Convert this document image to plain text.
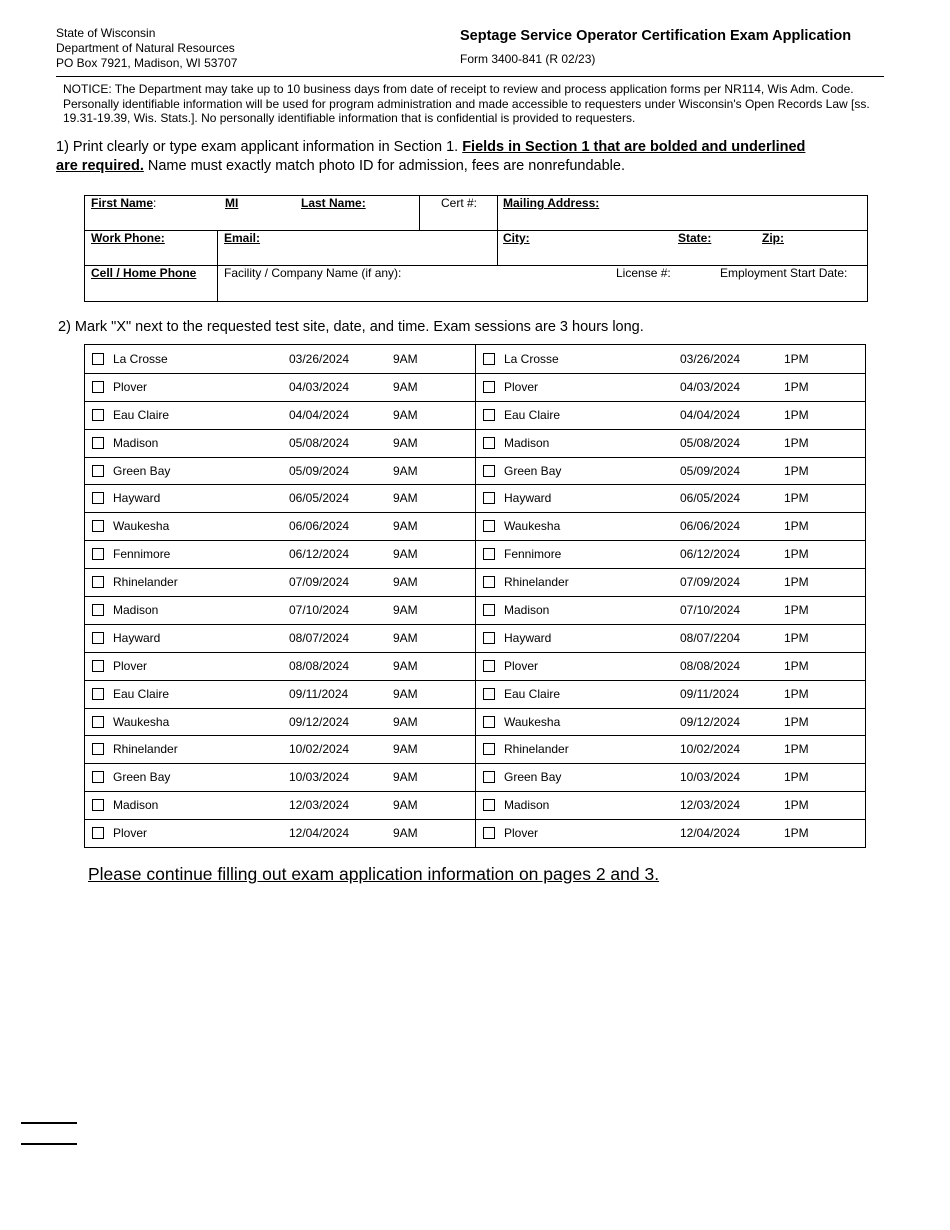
State of Wisconsin
Department of Natural Resources
PO Box 7921, Madison, WI 53707
Septage Service Operator Certification Exam Application
Form 3400-841 (R 02/23)
NOTICE: The Department may take up to 10 business days from date of receipt to review and process application forms per NR114, Wis Adm. Code. Personally identifiable information will be used for program administration and made accessible to requesters under Wisconsin's Open Records Law [ss. 19.31-19.39, Wis. Stats.]. No personally identifiable information that is confidential is provided to requesters.
1) Print clearly or type exam applicant information in Section 1. Fields in Section 1 that are bolded and underlined are required. Name must exactly match photo ID for admission, fees are nonrefundable.
First Name:	MI	Last Name:	Cert #: Mailing Address:
Work Phone:	Email:	City:	State:	Zip:
Cell / Home Phone Facility / Company Name (if any):	License #:	Employment Start Date:
2) Mark "X" next to the requested test site, date, and time. Exam sessions are 3 hours long.
La Crosse	03/26/2024	9AM	La Crosse	03/26/2024	1PM
Plover	04/03/2024	9AM	Plover	04/03/2024	1PM
Eau Claire	04/04/2024	9AM	Eau Claire	04/04/2024	1PM
Madison	05/08/2024	9AM	Madison	05/08/2024	1PM
Green Bay	05/09/2024	9AM	Green Bay	05/09/2024	1PM
Hayward	06/05/2024	9AM	Hayward	06/05/2024	1PM
Waukesha	06/06/2024	9AM	Waukesha	06/06/2024	1PM
Fennimore	06/12/2024	9AM	Fennimore	06/12/2024	1PM
Rhinelander	07/09/2024	9AM	Rhinelander	07/09/2024	1PM
Madison	07/10/2024	9AM	Madison	07/10/2024	1PM
Hayward	08/07/2024	9AM	Hayward	08/07/2204	1PM
Plover	08/08/2024	9AM	Plover	08/08/2024	1PM
Eau Claire	09/11/2024	9AM	Eau Claire	09/11/2024	1PM
Waukesha	09/12/2024	9AM	Waukesha	09/12/2024	1PM
Rhinelander	10/02/2024	9AM	Rhinelander	10/02/2024	1PM
Green Bay	10/03/2024	9AM	Green Bay	10/03/2024	1PM
Madison	12/03/2024	9AM	Madison	12/03/2024	1PM
Plover	12/04/2024	9AM	Plover	12/04/2024	1PM
Please continue filling out exam application information on pages 2 and 3.
